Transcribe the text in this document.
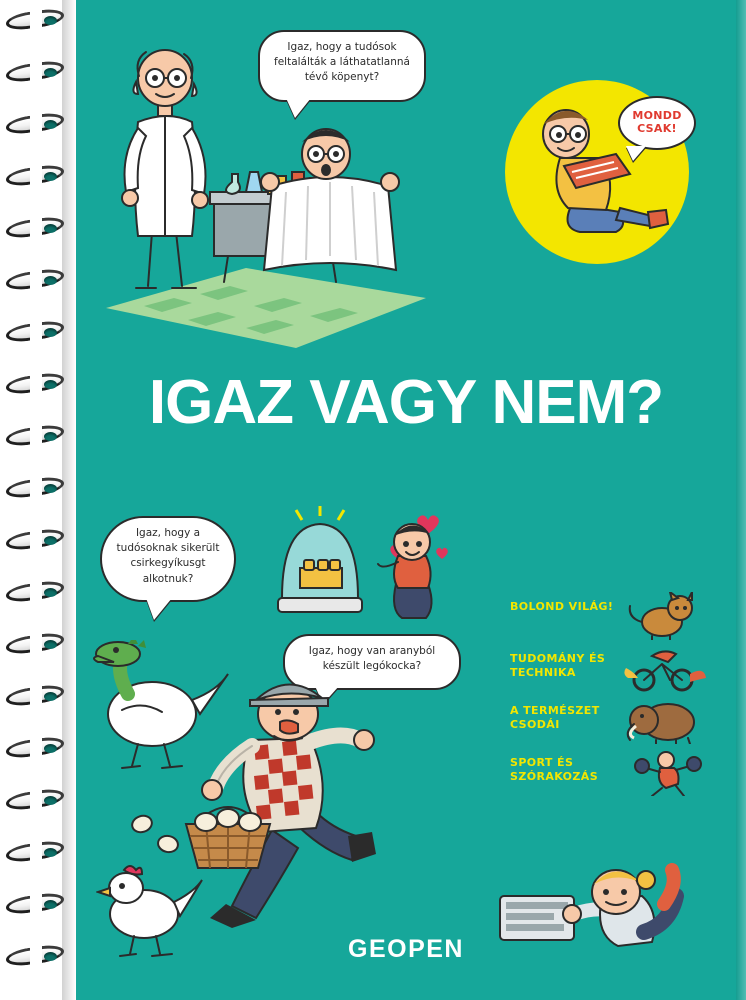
Igaz, hogy a tudósok feltalálták a láthatatlanná tévő köpenyt?
MONDD CSAK!
IGAZ VAGY NEM?
Igaz, hogy a tudósoknak sikerült csirkegyíkusgt alkotnuk?
Igaz, hogy van aranyból készült legókocka?
BOLOND VILÁG!
TUDOMÁNY ÉS TECHNIKA
A TERMÉSZET CSODÁI
SPORT ÉS SZÓRAKOZÁS
GEOPEN
